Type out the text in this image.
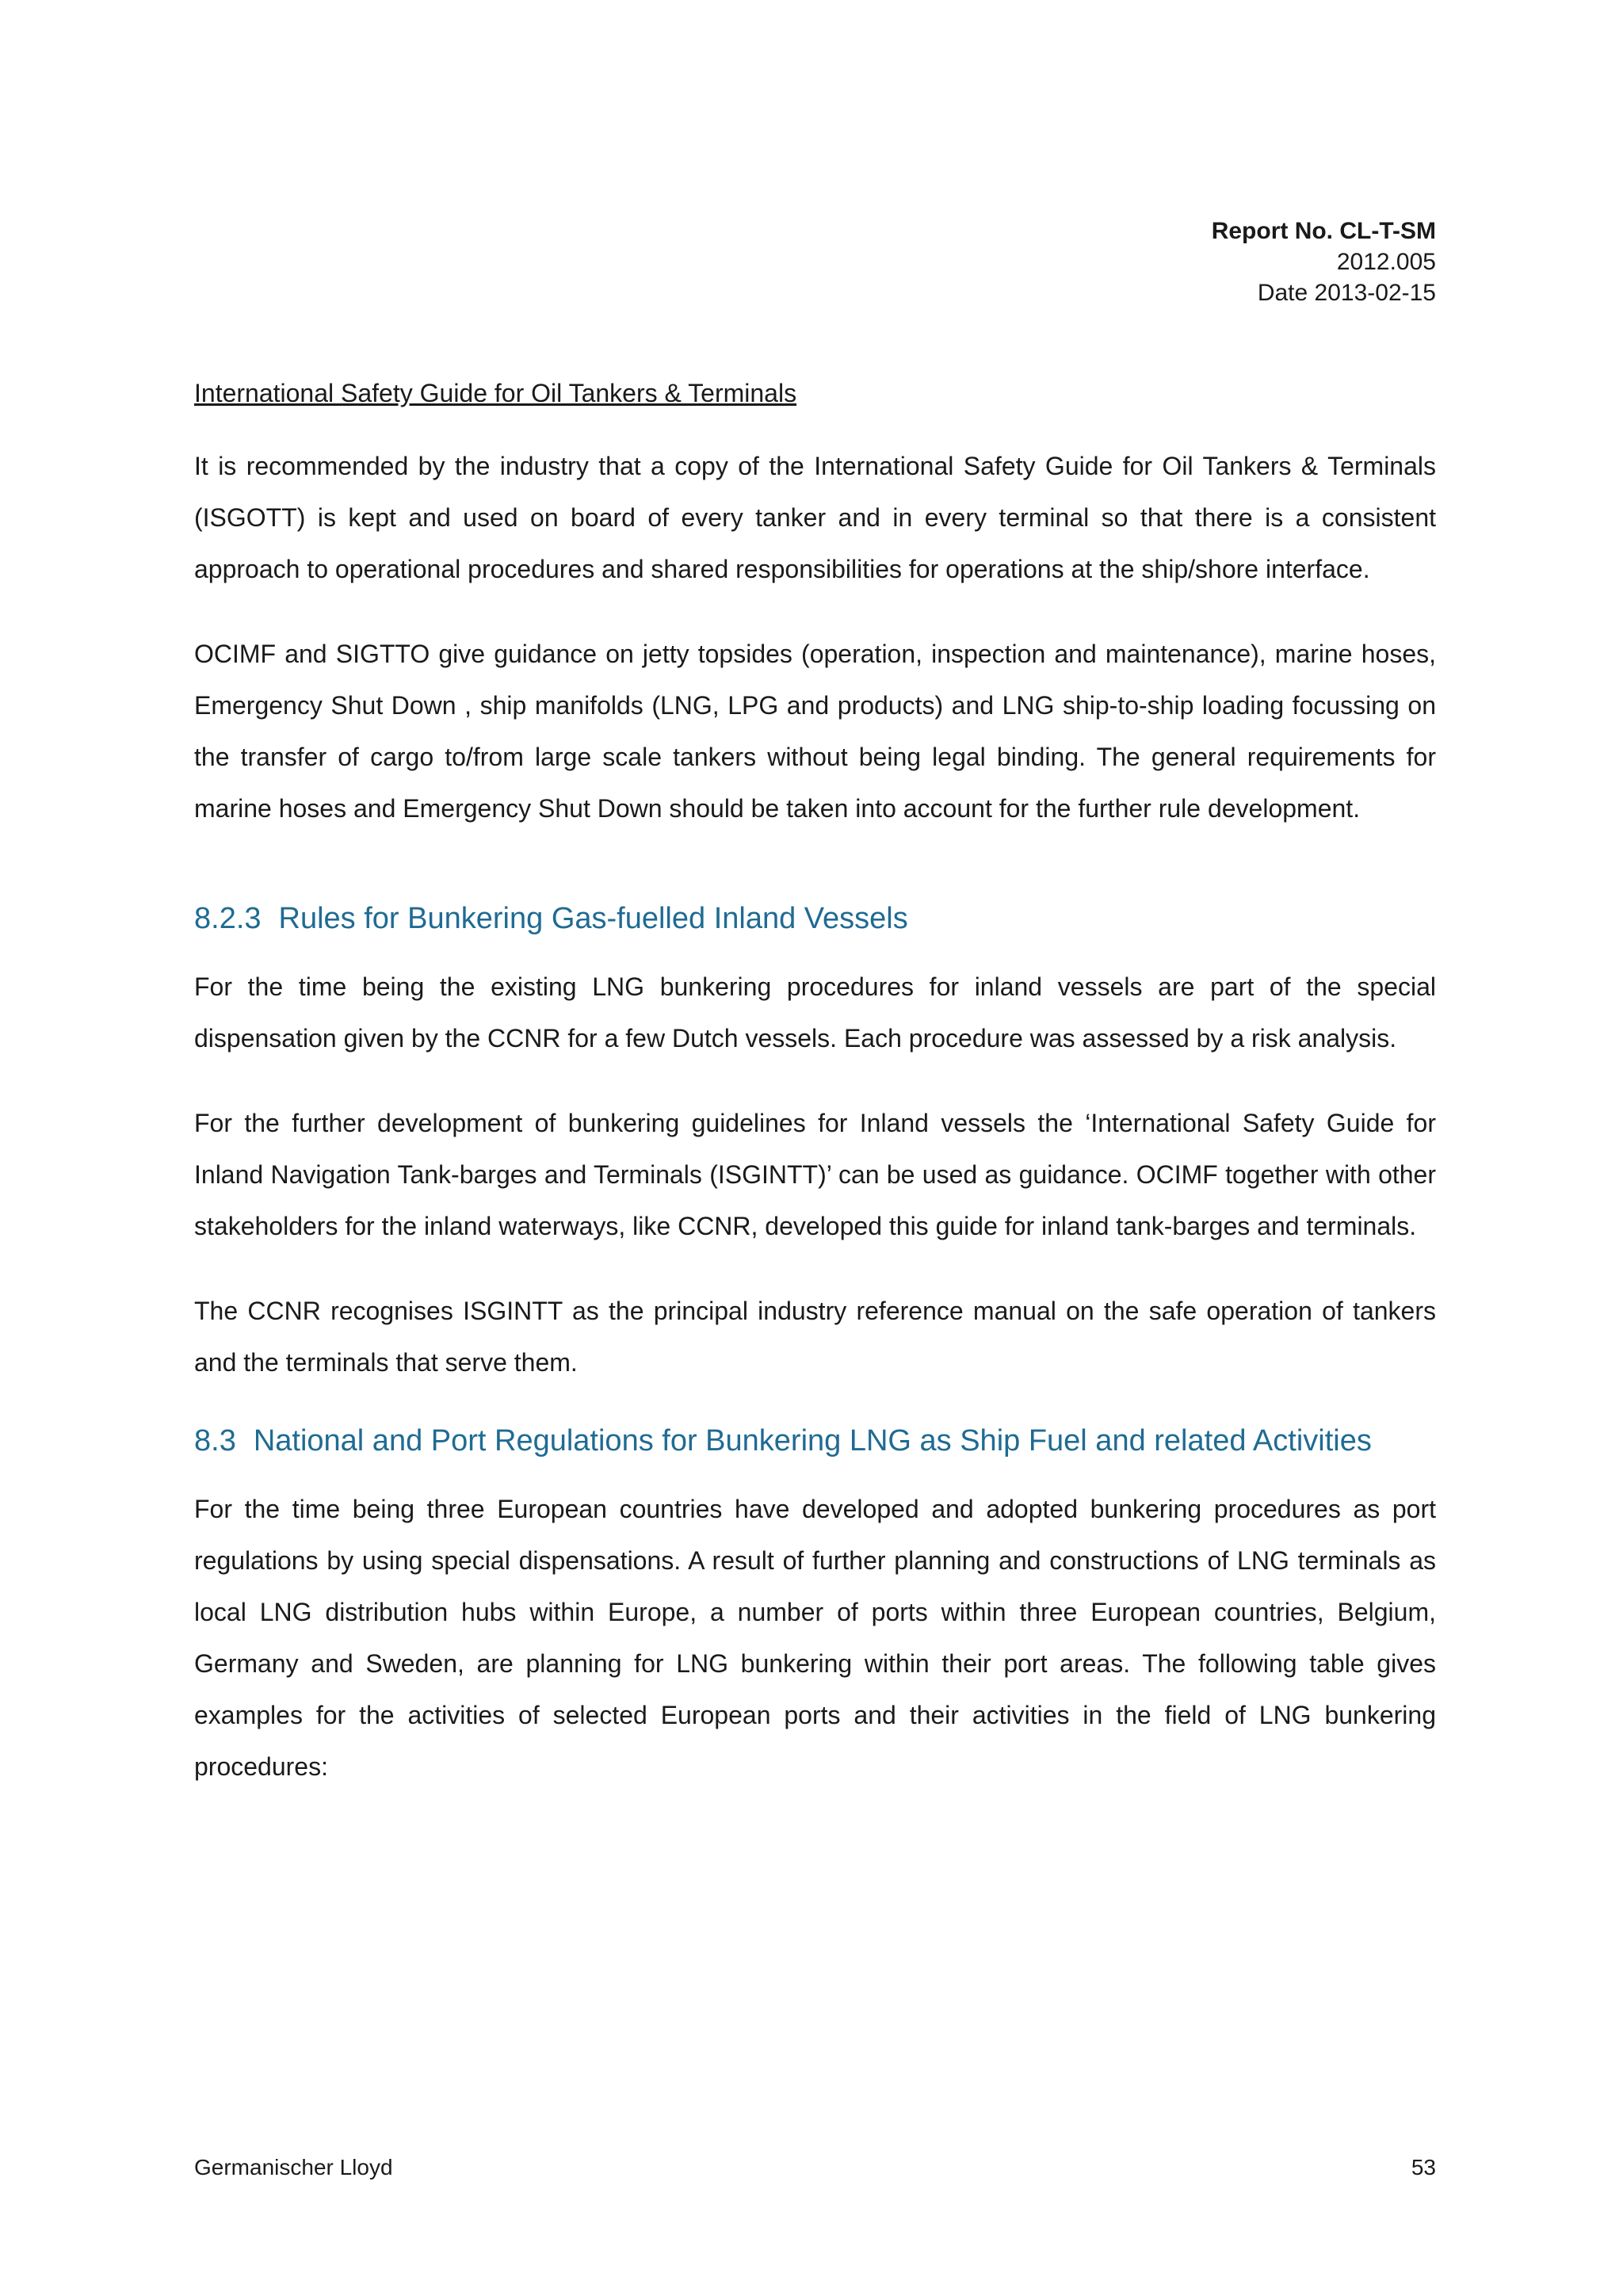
Report No. CL-T-SM
2012.005
Date 2013-02-15
International Safety Guide for Oil Tankers & Terminals

It is recommended by the industry that a copy of the International Safety Guide for Oil Tankers & Terminals (ISGOTT) is kept and used on board of every tanker and in every terminal so that there is a consistent approach to operational procedures and shared responsibilities for operations at the ship/shore interface.

OCIMF and SIGTTO give guidance on jetty topsides (operation, inspection and maintenance), marine hoses, Emergency Shut Down , ship manifolds (LNG, LPG and products) and LNG ship-to-ship loading focussing on the transfer of cargo to/from large scale tankers without being legal binding. The general requirements for marine hoses and Emergency Shut Down should be taken into account for the further rule development.

8.2.3 Rules for Bunkering Gas-fuelled Inland Vessels

For the time being the existing LNG bunkering procedures for inland vessels are part of the special dispensation given by the CCNR for a few Dutch vessels. Each procedure was assessed by a risk analysis.

For the further development of bunkering guidelines for Inland vessels the ‘International Safety Guide for Inland Navigation Tank-barges and Terminals (ISGINTT)’ can be used as guidance. OCIMF together with other stakeholders for the inland waterways, like CCNR, developed this guide for inland tank-barges and terminals.

The CCNR recognises ISGINTT as the principal industry reference manual on the safe operation of tankers and the terminals that serve them.

8.3 National and Port Regulations for Bunkering LNG as Ship Fuel and related Activities

For the time being three European countries have developed and adopted bunkering procedures as port regulations by using special dispensations. A result of further planning and constructions of LNG terminals as local LNG distribution hubs within Europe, a number of ports within three European countries, Belgium, Germany and Sweden, are planning for LNG bunkering within their port areas. The following table gives examples for the activities of selected European ports and their activities in the field of LNG bunkering procedures:

Germanischer Lloyd	53
